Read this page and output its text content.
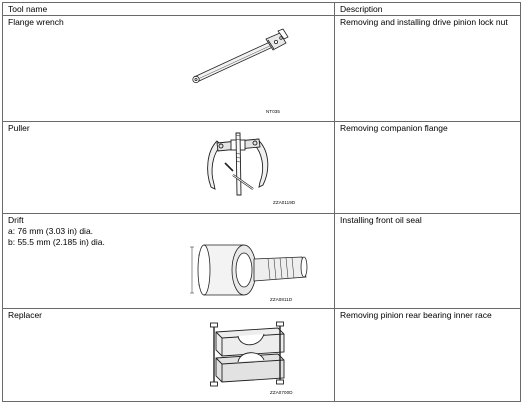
Tool name	Description

Flange wrench
NT035	Removing and installing drive pinion lock nut

Puller
ZZA0119D	Removing companion flange

Drift
a: 76 mm (3.03 in) dia.
b: 55.5 mm (2.185 in) dia.
ZZA0811D	Installing front oil seal

Replacer
ZZA0700D	Removing pinion rear bearing inner race
